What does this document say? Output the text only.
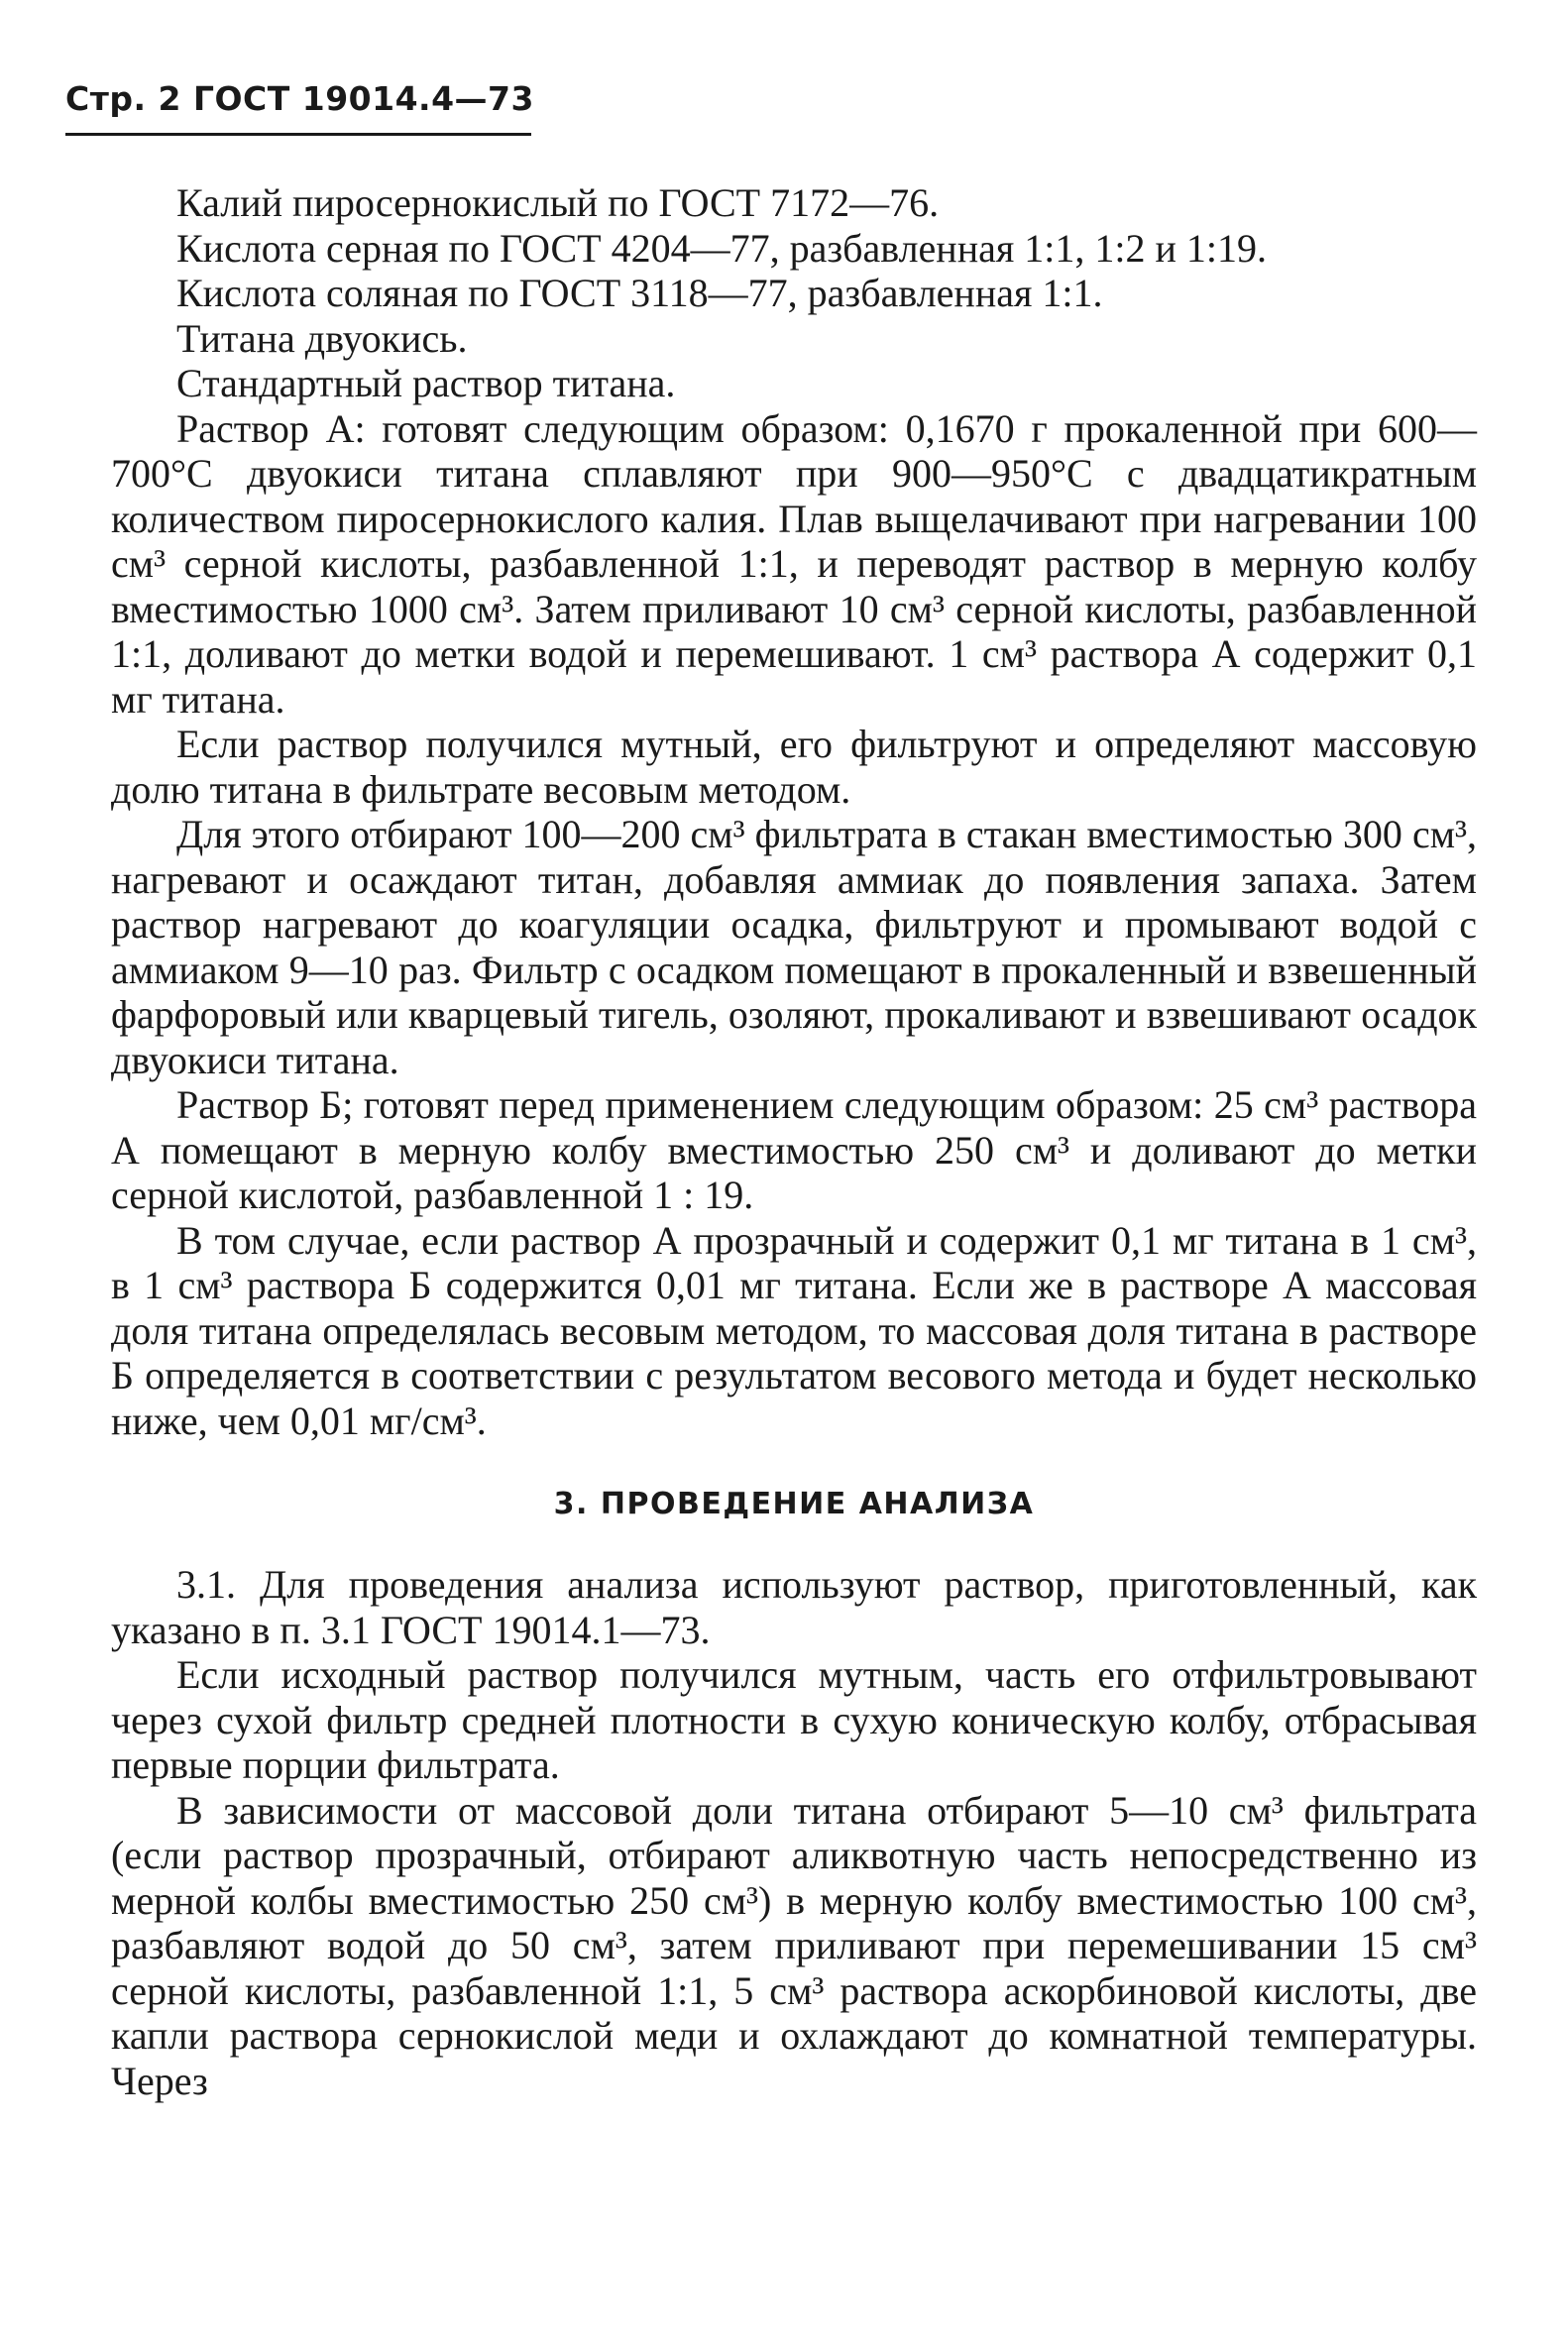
Стр. 2 ГОСТ 19014.4—73

Калий пиросернокислый по ГОСТ 7172—76.

Кислота серная по ГОСТ 4204—77, разбавленная 1:1, 1:2 и 1:19.

Кислота соляная по ГОСТ 3118—77, разбавленная 1:1.

Титана двуокись.

Стандартный раствор титана.

Раствор А: готовят следующим образом: 0,1670 г прокаленной при 600—700°С двуокиси титана сплавляют при 900—950°С с двадцатикратным количеством пиросернокислого калия. Плав выщелачивают при нагревании 100 см³ серной кислоты, разбавленной 1:1, и переводят раствор в мерную колбу вместимостью 1000 см³. Затем приливают 10 см³ серной кислоты, разбавленной 1:1, доливают до метки водой и перемешивают. 1 см³ раствора А содержит 0,1 мг титана.

Если раствор получился мутный, его фильтруют и определяют массовую долю титана в фильтрате весовым методом.

Для этого отбирают 100—200 см³ фильтрата в стакан вместимостью 300 см³, нагревают и осаждают титан, добавляя аммиак до появления запаха. Затем раствор нагревают до коагуляции осадка, фильтруют и промывают водой с аммиаком 9—10 раз. Фильтр с осадком помещают в прокаленный и взвешенный фарфоровый или кварцевый тигель, озоляют, прокаливают и взвешивают осадок двуокиси титана.

Раствор Б; готовят перед применением следующим образом: 25 см³ раствора А помещают в мерную колбу вместимостью 250 см³ и доливают до метки серной кислотой, разбавленной 1 : 19.

В том случае, если раствор А прозрачный и содержит 0,1 мг титана в 1 см³, в 1 см³ раствора Б содержится 0,01 мг титана. Если же в растворе А массовая доля титана определялась весовым методом, то массовая доля титана в растворе Б определяется в соответствии с результатом весового метода и будет несколько ниже, чем 0,01 мг/см³.

3. ПРОВЕДЕНИЕ АНАЛИЗА

3.1. Для проведения анализа используют раствор, приготовленный, как указано в п. 3.1 ГОСТ 19014.1—73.

Если исходный раствор получился мутным, часть его отфильтровывают через сухой фильтр средней плотности в сухую коническую колбу, отбрасывая первые порции фильтрата.

В зависимости от массовой доли титана отбирают 5—10 см³ фильтрата (если раствор прозрачный, отбирают аликвотную часть непосредственно из мерной колбы вместимостью 250 см³) в мерную колбу вместимостью 100 см³, разбавляют водой до 50 см³, затем приливают при перемешивании 15 см³ серной кислоты, разбавленной 1:1, 5 см³ раствора аскорбиновой кислоты, две капли раствора сернокислой меди и охлаждают до комнатной температуры. Через
